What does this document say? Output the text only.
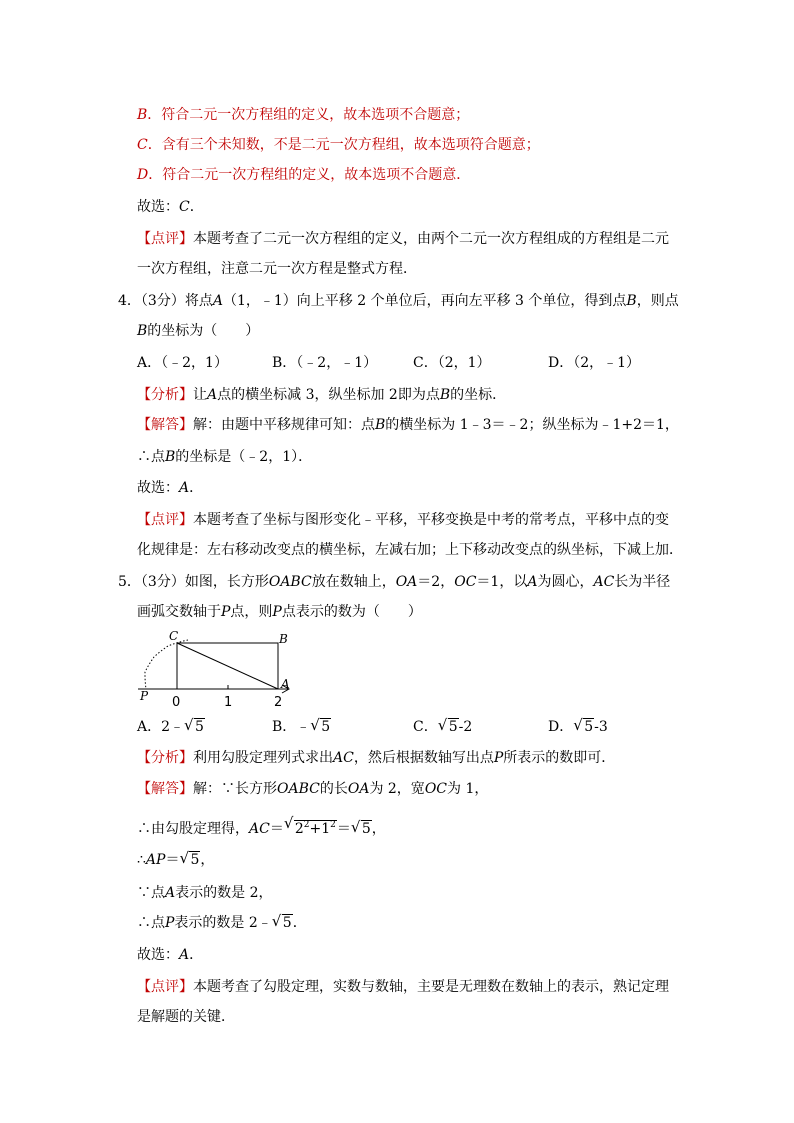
B．符合二元一次方程组的定义，故本选项不合题意；
C．含有三个未知数，不是二元一次方程组，故本选项符合题意；
D．符合二元一次方程组的定义，故本选项不合题意．
故选：C．
【点评】本题考查了二元一次方程组的定义，由两个二元一次方程组成的方程组是二元
一次方程组，注意二元一次方程是整式方程．
4．（3分）将点A（1，﹣1）向上平移 2 个单位后，再向左平移 3 个单位，得到点B，则点
B的坐标为（　　）
A．（﹣2，1）	B．（﹣2，﹣1）	C．（2，1）	D．（2，﹣1）
【分析】让A点的横坐标减 3，纵坐标加 2即为点B的坐标．
【解答】解：由题中平移规律可知：点B的横坐标为 1﹣3＝﹣2；纵坐标为﹣1+2＝1，
∴点B的坐标是（﹣2，1）．
故选：A．
【点评】本题考查了坐标与图形变化﹣平移，平移变换是中考的常考点，平移中点的变
化规律是：左右移动改变点的横坐标，左减右加；上下移动改变点的纵坐标，下减上加．
5．（3分）如图，长方形OABC放在数轴上，OA＝2，OC＝1，以A为圆心，AC长为半径
画弧交数轴于P点，则P点表示的数为（　　）
C	B
A
P 0	1	2
A．2﹣ √ 5	B．﹣ √ 5	C． √ 5-2	D． √ 5-3
【分析】利用勾股定理列式求出AC，然后根据数轴写出点P所表示的数即可．
【解答】解：∵长方形OABC的长OA为 2，宽OC为 1，
∴由勾股定理得，AC＝ √ $2^2+1^2=$ √ 5，
∴AP＝ √ 5，
∵点A表示的数是 2，
∴点P表示的数是 2﹣ √ 5．
故选：A．
【点评】本题考查了勾股定理，实数与数轴，主要是无理数在数轴上的表示，熟记定理
是解题的关键．
